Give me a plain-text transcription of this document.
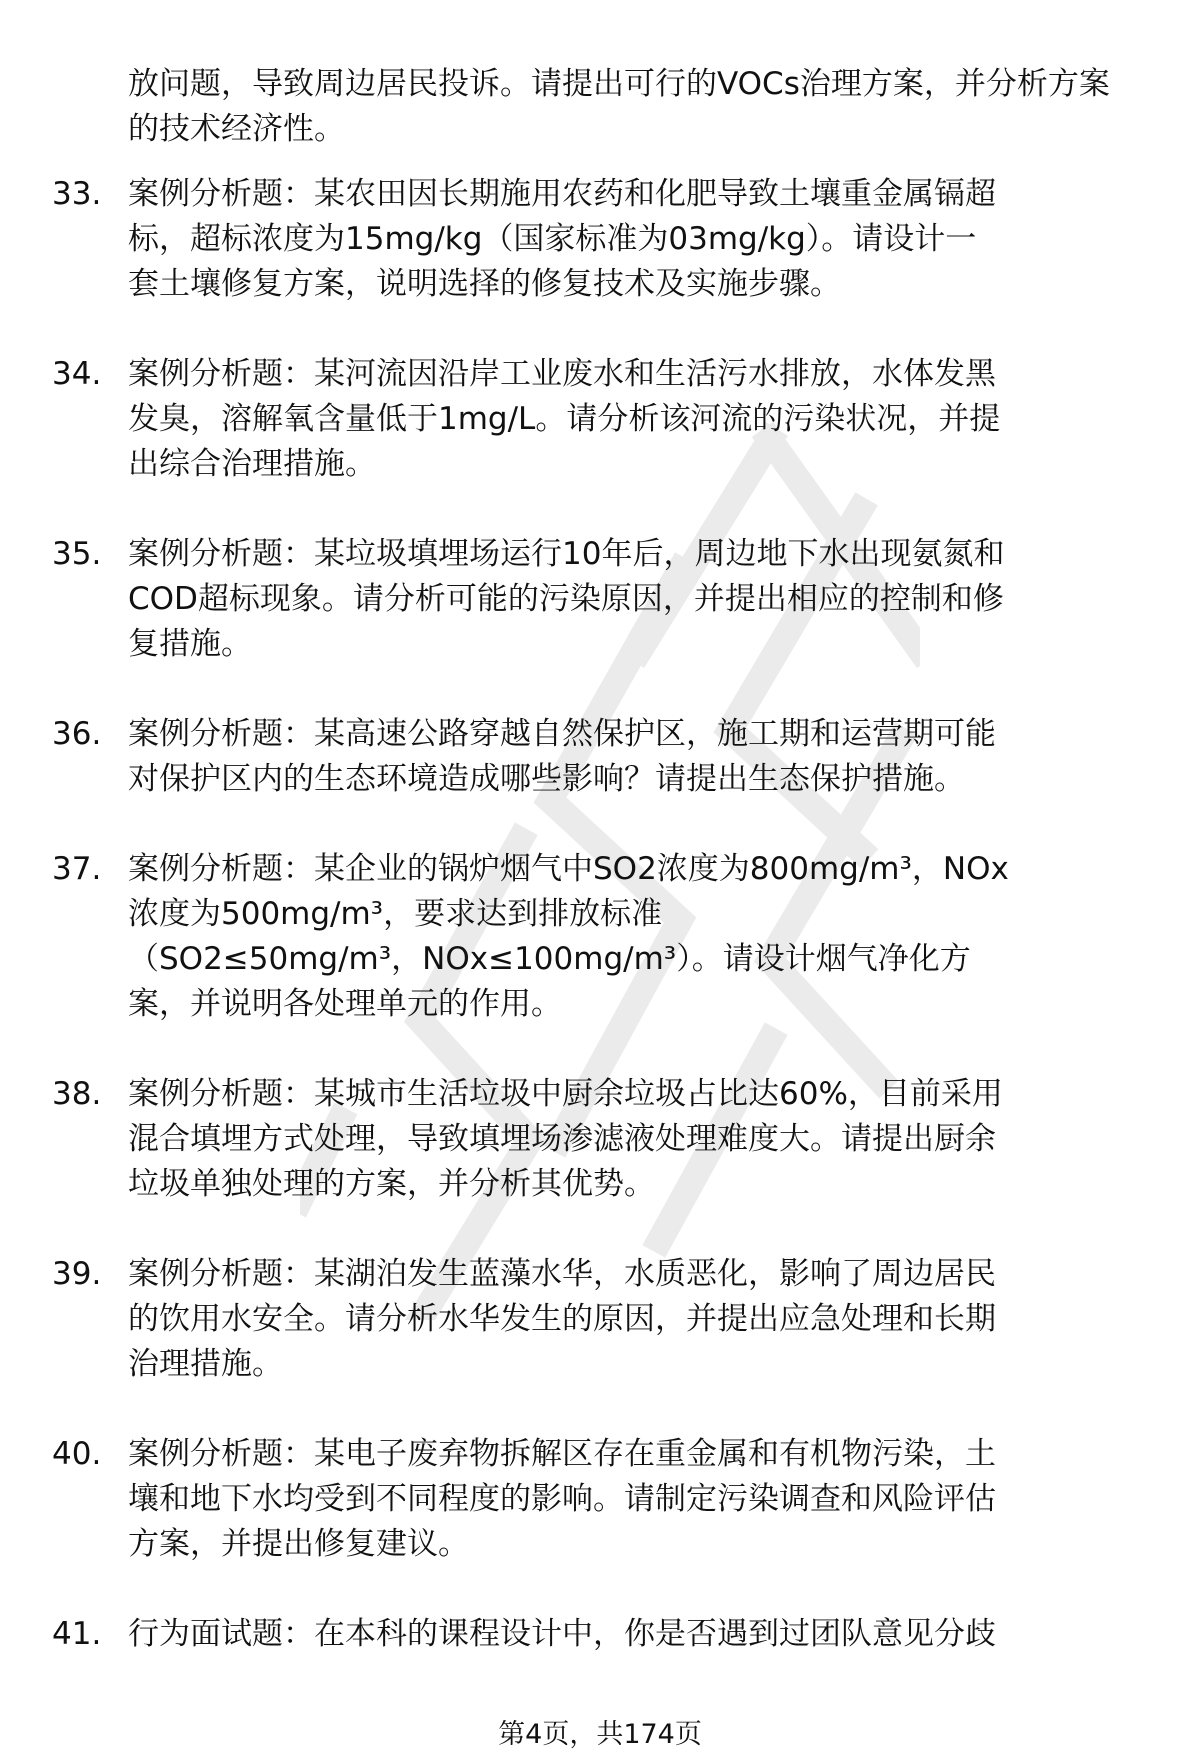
放问题，导致周边居民投诉。请提出可行的VOCs治理方案，并分析方案的技术经济性。
33. 案例分析题：某农田因长期施用农药和化肥导致土壤重金属镉超
标，超标浓度为15mg/kg（国家标准为03mg/kg）。请设计一
套土壤修复方案，说明选择的修复技术及实施步骤。
34. 案例分析题：某河流因沿岸工业废水和生活污水排放，水体发黑
发臭，溶解氧含量低于1mg/L。请分析该河流的污染状况，并提
出综合治理措施。
35. 案例分析题：某垃圾填埋场运行10年后，周边地下水出现氨氮和
COD超标现象。请分析可能的污染原因，并提出相应的控制和修
复措施。
36. 案例分析题：某高速公路穿越自然保护区，施工期和运营期可能
对保护区内的生态环境造成哪些影响？请提出生态保护措施。
37. 案例分析题：某企业的锅炉烟气中SO2浓度为800mg/m³，NOx
浓度为500mg/m³，要求达到排放标准
（SO2≤50mg/m³，NOx≤100mg/m³）。请设计烟气净化方
案，并说明各处理单元的作用。
38. 案例分析题：某城市生活垃圾中厨余垃圾占比达60%，目前采用
混合填埋方式处理，导致填埋场渗滤液处理难度大。请提出厨余
垃圾单独处理的方案，并分析其优势。
39. 案例分析题：某湖泊发生蓝藻水华，水质恶化，影响了周边居民
的饮用水安全。请分析水华发生的原因，并提出应急处理和长期
治理措施。
40. 案例分析题：某电子废弃物拆解区存在重金属和有机物污染，土
壤和地下水均受到不同程度的影响。请制定污染调查和风险评估
方案，并提出修复建议。
41. 行为面试题：在本科的课程设计中，你是否遇到过团队意见分歧
第4页，共174页
